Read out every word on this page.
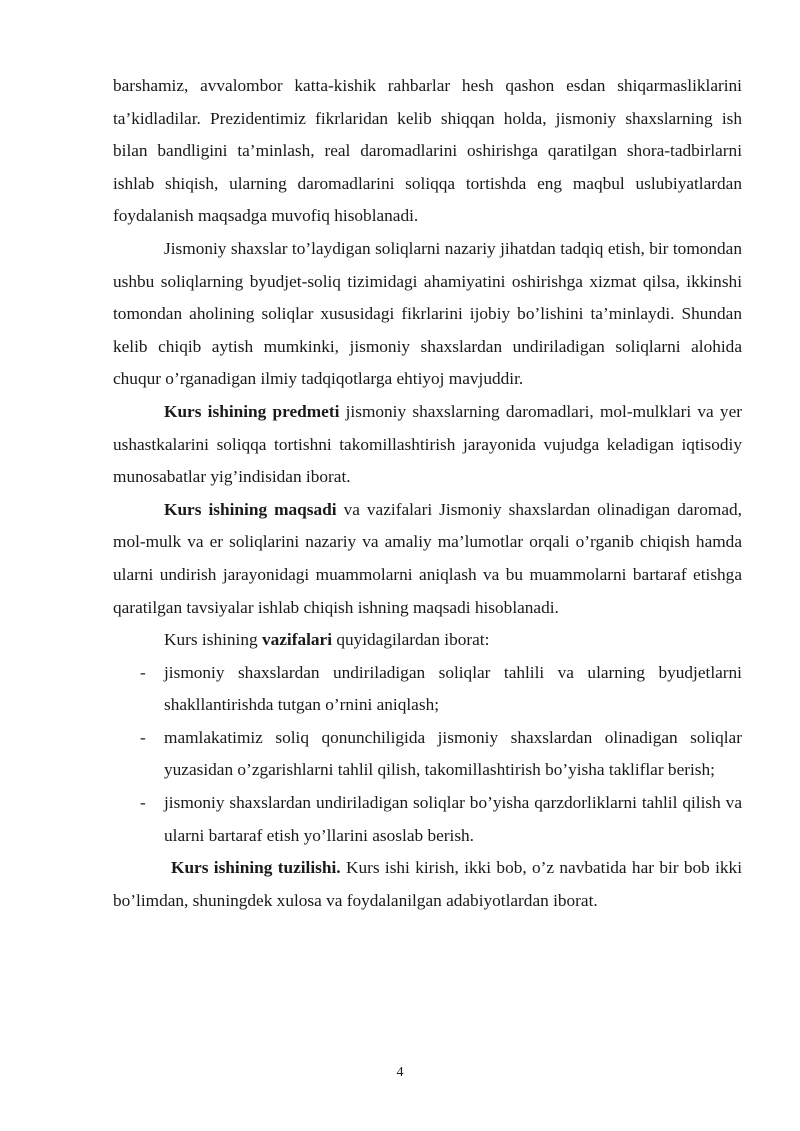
barshamiz, avvalombor katta-kishik rahbarlar hesh qashon esdan shiqarmasliklarini ta’kidladilar. Prezidentimiz fikrlaridan kelib shiqqan holda, jismoniy shaxslarning ish bilan bandligini ta’minlash, real daromadlarini oshirishga qaratilgan shora-tadbirlarni ishlab shiqish, ularning daromadlarini soliqqa tortishda eng maqbul uslubiyatlardan foydalanish maqsadga muvofiq hisoblanadi.

Jismoniy shaxslar to’laydigan soliqlarni nazariy jihatdan tadqiq etish, bir tomondan ushbu soliqlarning byudjet-soliq tizimidagi ahamiyatini oshirishga xizmat qilsa, ikkinshi tomondan aholining soliqlar xususidagi fikrlarini ijobiy bo’lishini ta’minlaydi. Shundan kelib chiqib aytish mumkinki, jismoniy shaxslardan undiriladigan soliqlarni alohida chuqur o’rganadigan ilmiy tadqiqotlarga ehtiyoj mavjuddir.

Kurs ishining predmeti jismoniy shaxslarning daromadlari, mol-mulklari va yer ushastkalarini soliqqa tortishni takomillashtirish jarayonida vujudga keladigan iqtisodiy munosabatlar yig’indisidan iborat.

Kurs ishining maqsadi va vazifalari Jismoniy shaxslardan olinadigan daromad, mol-mulk va er soliqlarini nazariy va amaliy ma’lumotlar orqali o’rganib chiqish hamda ularni undirish jarayonidagi muammolarni aniqlash va bu muammolarni bartaraf etishga qaratilgan tavsiyalar ishlab chiqish ishning maqsadi hisoblanadi.

Kurs ishining vazifalari quyidagilardan iborat:

- jismoniy shaxslardan undiriladigan soliqlar tahlili va ularning byudjetlarni shakllantirishda tutgan o’rnini aniqlash;
- mamlakatimiz soliq qonunchiligida jismoniy shaxslardan olinadigan soliqlar yuzasidan o’zgarishlarni tahlil qilish, takomillashtirish bo’yisha takliflar berish;
- jismoniy shaxslardan undiriladigan soliqlar bo’yisha qarzdorliklarni tahlil qilish va ularni bartaraf etish yo’llarini asoslab berish.

Kurs ishining tuzilishi. Kurs ishi kirish, ikki bob, o’z navbatida har bir bob ikki bo’limdan, shuningdek xulosa va foydalanilgan adabiyotlardan iborat.

4
